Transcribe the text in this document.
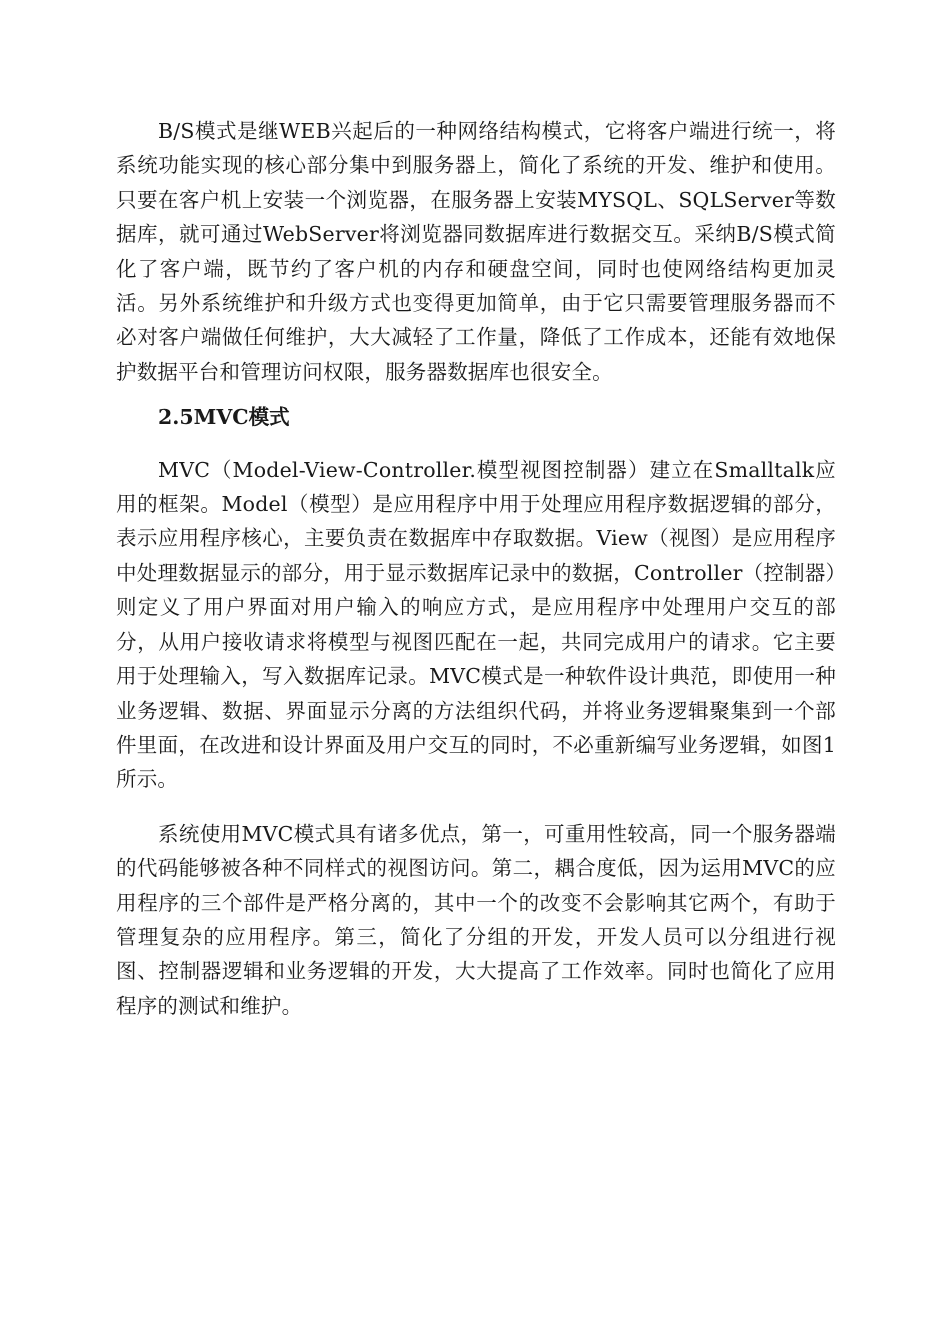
B/S模式是继WEB兴起后的一种网络结构模式，它将客户端进行统一，将系统功能实现的核心部分集中到服务器上，简化了系统的开发、维护和使用。只要在客户机上安装一个浏览器，在服务器上安装MYSQL、SQLServer等数据库，就可通过WebServer将浏览器同数据库进行数据交互。采纳B/S模式简化了客户端，既节约了客户机的内存和硬盘空间，同时也使网络结构更加灵活。另外系统维护和升级方式也变得更加简单，由于它只需要管理服务器而不必对客户端做任何维护，大大减轻了工作量，降低了工作成本，还能有效地保护数据平台和管理访问权限，服务器数据库也很安全。

2.5MVC模式

MVC（Model-View-Controller.模型视图控制器）建立在Smalltalk应用的框架。Model（模型）是应用程序中用于处理应用程序数据逻辑的部分，表示应用程序核心，主要负责在数据库中存取数据。View（视图）是应用程序中处理数据显示的部分，用于显示数据库记录中的数据，Controller（控制器）则定义了用户界面对用户输入的响应方式，是应用程序中处理用户交互的部分，从用户接收请求将模型与视图匹配在一起，共同完成用户的请求。它主要用于处理输入，写入数据库记录。MVC模式是一种软件设计典范，即使用一种业务逻辑、数据、界面显示分离的方法组织代码，并将业务逻辑聚集到一个部件里面，在改进和设计界面及用户交互的同时，不必重新编写业务逻辑，如图1所示。

系统使用MVC模式具有诸多优点，第一，可重用性较高，同一个服务器端的代码能够被各种不同样式的视图访问。第二，耦合度低，因为运用MVC的应用程序的三个部件是严格分离的，其中一个的改变不会影响其它两个，有助于管理复杂的应用程序。第三，简化了分组的开发，开发人员可以分组进行视图、控制器逻辑和业务逻辑的开发，大大提高了工作效率。同时也简化了应用程序的测试和维护。
